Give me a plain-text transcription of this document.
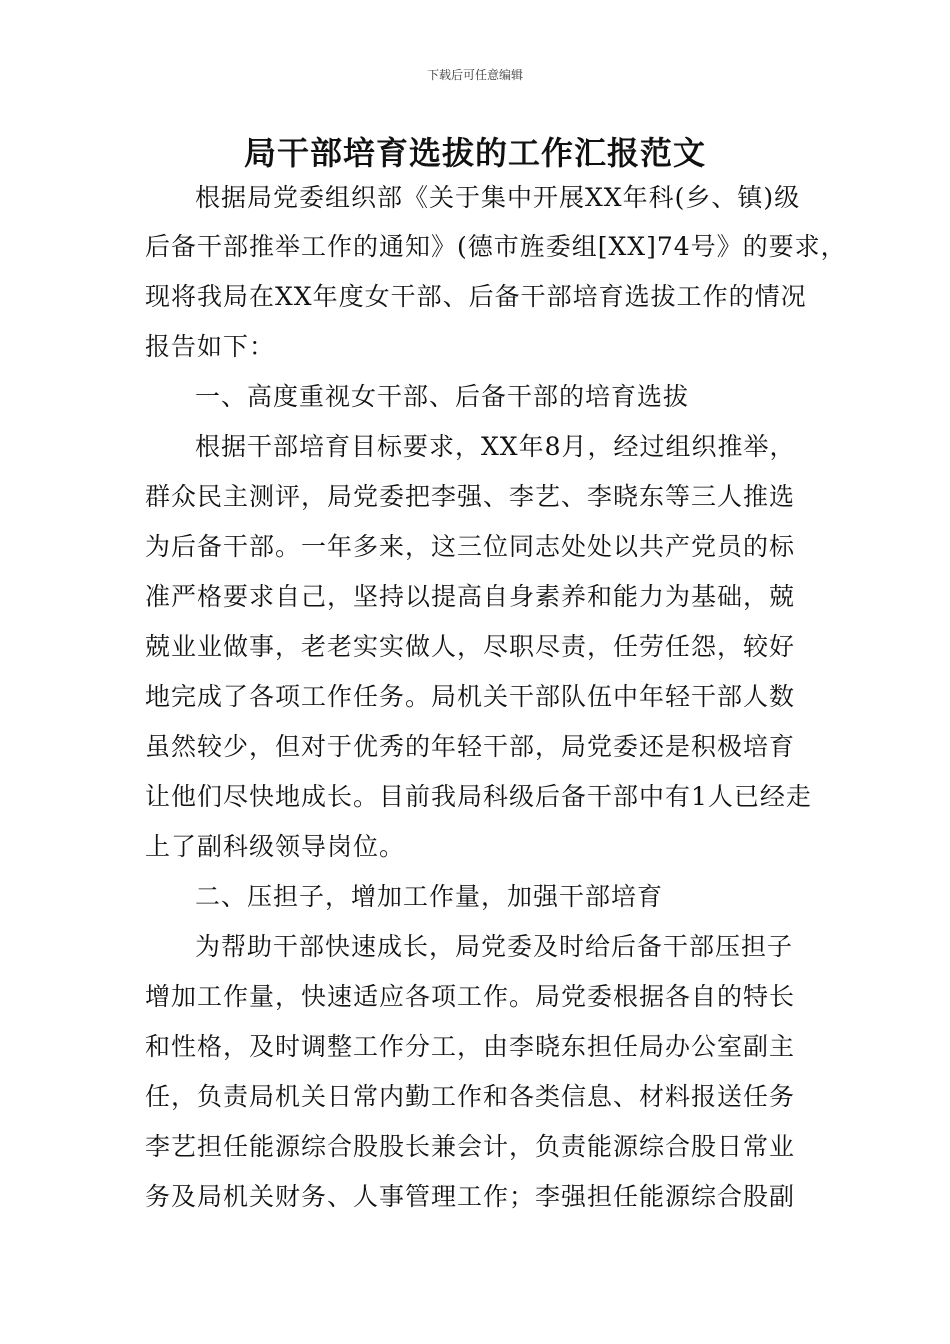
下载后可任意编辑
局干部培育选拔的工作汇报范文
根据局党委组织部《关于集中开展XX年科(乡、镇)级
后备干部推举工作的通知》(德市旌委组[XX]74号》的要求，
现将我局在XX年度女干部、后备干部培育选拔工作的情况
报告如下：
一、高度重视女干部、后备干部的培育选拔
根据干部培育目标要求，XX年8月，经过组织推举，
群众民主测评，局党委把李强、李艺、李晓东等三人推选
为后备干部。一年多来，这三位同志处处以共产党员的标
准严格要求自己，坚持以提高自身素养和能力为基础，兢
兢业业做事，老老实实做人，尽职尽责，任劳任怨，较好
地完成了各项工作任务。局机关干部队伍中年轻干部人数
虽然较少，但对于优秀的年轻干部，局党委还是积极培育
让他们尽快地成长。目前我局科级后备干部中有1人已经走
上了副科级领导岗位。
二、压担子，增加工作量，加强干部培育
为帮助干部快速成长，局党委及时给后备干部压担子
增加工作量，快速适应各项工作。局党委根据各自的特长
和性格，及时调整工作分工，由李晓东担任局办公室副主
任，负责局机关日常内勤工作和各类信息、材料报送任务
李艺担任能源综合股股长兼会计，负责能源综合股日常业
务及局机关财务、人事管理工作；李强担任能源综合股副
